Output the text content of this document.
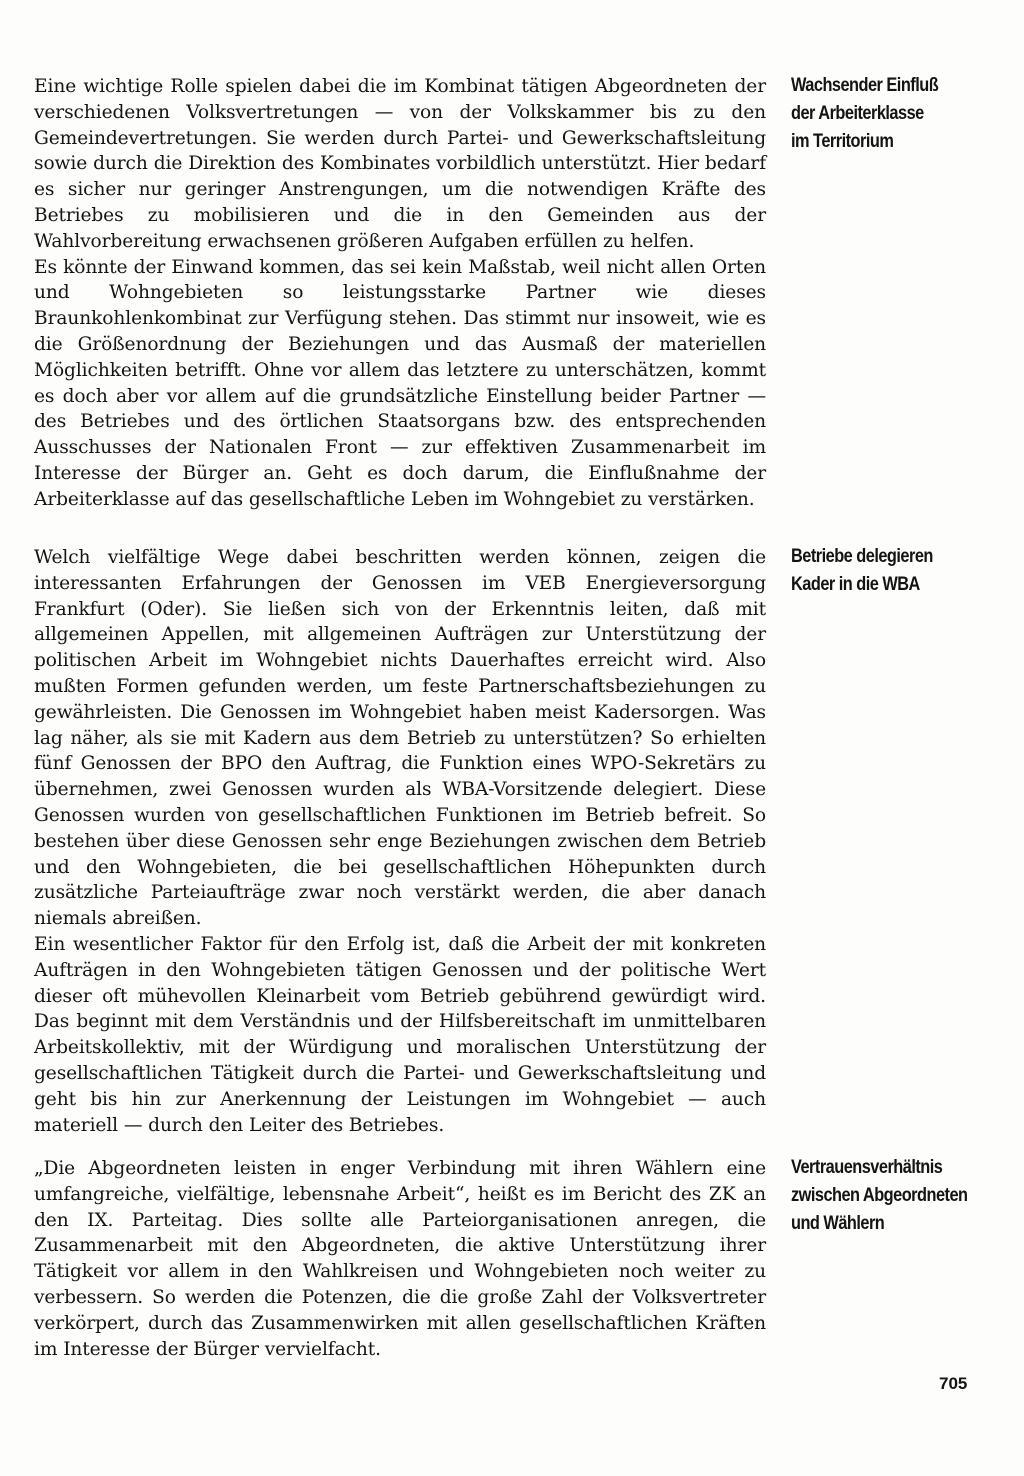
Eine wichtige Rolle spielen dabei die im Kombinat tätigen Abgeordneten der verschiedenen Volksvertretungen — von der Volkskammer bis zu den Gemeindevertretungen. Sie werden durch Partei- und Gewerkschaftsleitung sowie durch die Direktion des Kombinates vorbildlich unterstützt. Hier bedarf es sicher nur geringer Anstrengungen, um die notwendigen Kräfte des Betriebes zu mobilisieren und die in den Gemeinden aus der Wahlvorbereitung erwachsenen größeren Aufgaben erfüllen zu helfen.

Es könnte der Einwand kommen, das sei kein Maßstab, weil nicht allen Orten und Wohngebieten so leistungsstarke Partner wie dieses Braunkohlenkombinat zur Verfügung stehen. Das stimmt nur insoweit, wie es die Größenordnung der Beziehungen und das Ausmaß der materiellen Möglichkeiten betrifft. Ohne vor allem das letztere zu unterschätzen, kommt es doch aber vor allem auf die grundsätzliche Einstellung beider Partner — des Betriebes und des örtlichen Staatsorgans bzw. des entsprechenden Ausschusses der Nationalen Front — zur effektiven Zusammenarbeit im Interesse der Bürger an. Geht es doch darum, die Einflußnahme der Arbeiterklasse auf das gesellschaftliche Leben im Wohngebiet zu verstärken.

Welch vielfältige Wege dabei beschritten werden können, zeigen die interessanten Erfahrungen der Genossen im VEB Energieversorgung Frankfurt (Oder). Sie ließen sich von der Erkenntnis leiten, daß mit allgemeinen Appellen, mit allgemeinen Aufträgen zur Unterstützung der politischen Arbeit im Wohngebiet nichts Dauerhaftes erreicht wird. Also mußten Formen gefunden werden, um feste Partnerschaftsbeziehungen zu gewährleisten. Die Genossen im Wohngebiet haben meist Kadersorgen. Was lag näher, als sie mit Kadern aus dem Betrieb zu unterstützen? So erhielten fünf Genossen der BPO den Auftrag, die Funktion eines WPO-Sekretärs zu übernehmen, zwei Genossen wurden als WBA-Vorsitzende delegiert. Diese Genossen wurden von gesellschaftlichen Funktionen im Betrieb befreit. So bestehen über diese Genossen sehr enge Beziehungen zwischen dem Betrieb und den Wohngebieten, die bei gesellschaftlichen Höhepunkten durch zusätzliche Parteiaufträge zwar noch verstärkt werden, die aber danach niemals abreißen.

Ein wesentlicher Faktor für den Erfolg ist, daß die Arbeit der mit konkreten Aufträgen in den Wohngebieten tätigen Genossen und der politische Wert dieser oft mühevollen Kleinarbeit vom Betrieb gebührend gewürdigt wird. Das beginnt mit dem Verständnis und der Hilfsbereitschaft im unmittelbaren Arbeitskollektiv, mit der Würdigung und moralischen Unterstützung der gesellschaftlichen Tätigkeit durch die Partei- und Gewerkschaftsleitung und geht bis hin zur Anerkennung der Leistungen im Wohngebiet — auch materiell — durch den Leiter des Betriebes.

„Die Abgeordneten leisten in enger Verbindung mit ihren Wählern eine umfangreiche, vielfältige, lebensnahe Arbeit“, heißt es im Bericht des ZK an den IX. Parteitag. Dies sollte alle Parteiorganisationen anregen, die Zusammenarbeit mit den Abgeordneten, die aktive Unterstützung ihrer Tätigkeit vor allem in den Wahlkreisen und Wohngebieten noch weiter zu verbessern. So werden die Potenzen, die die große Zahl der Volksvertreter verkörpert, durch das Zusammenwirken mit allen gesellschaftlichen Kräften im Interesse der Bürger vervielfacht.

Wachsender Einfluß
der Arbeiterklasse
im Territorium
Betriebe delegieren
Kader in die WBA
Vertrauensverhältnis
zwischen Abgeordneten
und Wählern
705
